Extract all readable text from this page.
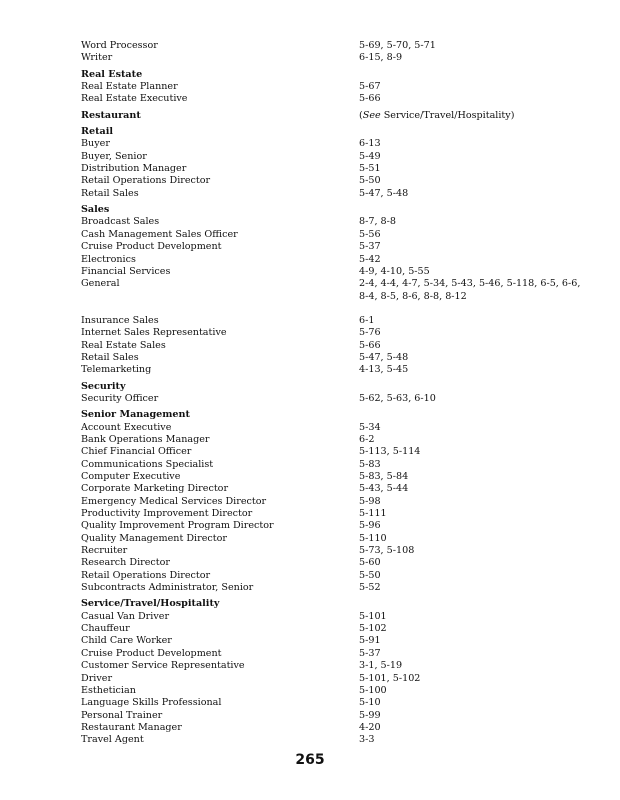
Word Processor	5-69, 5-70, 5-71
Writer	6-15, 8-9
Real Estate
Real Estate Planner	5-67
Real Estate Executive	5-66
Restaurant	(See Service/Travel/Hospitality)
Retail
Buyer	6-13
Buyer, Senior	5-49
Distribution Manager	5-51
Retail Operations Director	5-50
Retail Sales	5-47, 5-48
Sales
Broadcast Sales	8-7, 8-8
Cash Management Sales Officer	5-56
Cruise Product Development	5-37
Electronics	5-42
Financial Services	4-9, 4-10, 5-55
General	2-4, 4-4, 4-7, 5-34, 5-43, 5-46, 5-118, 6-5, 6-6, 8-4, 8-5, 8-6, 8-8, 8-12
Insurance Sales	6-1
Internet Sales Representative	5-76
Real Estate Sales	5-66
Retail Sales	5-47, 5-48
Telemarketing	4-13, 5-45
Security
Security Officer	5-62, 5-63, 6-10
Senior Management
Account Executive	5-34
Bank Operations Manager	6-2
Chief Financial Officer	5-113, 5-114
Communications Specialist	5-83
Computer Executive	5-83, 5-84
Corporate Marketing Director	5-43, 5-44
Emergency Medical Services Director	5-98
Productivity Improvement Director	5-111
Quality Improvement Program Director	5-96
Quality Management Director	5-110
Recruiter	5-73, 5-108
Research Director	5-60
Retail Operations Director	5-50
Subcontracts Administrator, Senior	5-52
Service/Travel/Hospitality
Casual Van Driver	5-101
Chauffeur	5-102
Child Care Worker	5-91
Cruise Product Development	5-37
Customer Service Representative	3-1, 5-19
Driver	5-101, 5-102
Esthetician	5-100
Language Skills Professional	5-10
Personal Trainer	5-99
Restaurant Manager	4-20
Travel Agent	3-3
265
